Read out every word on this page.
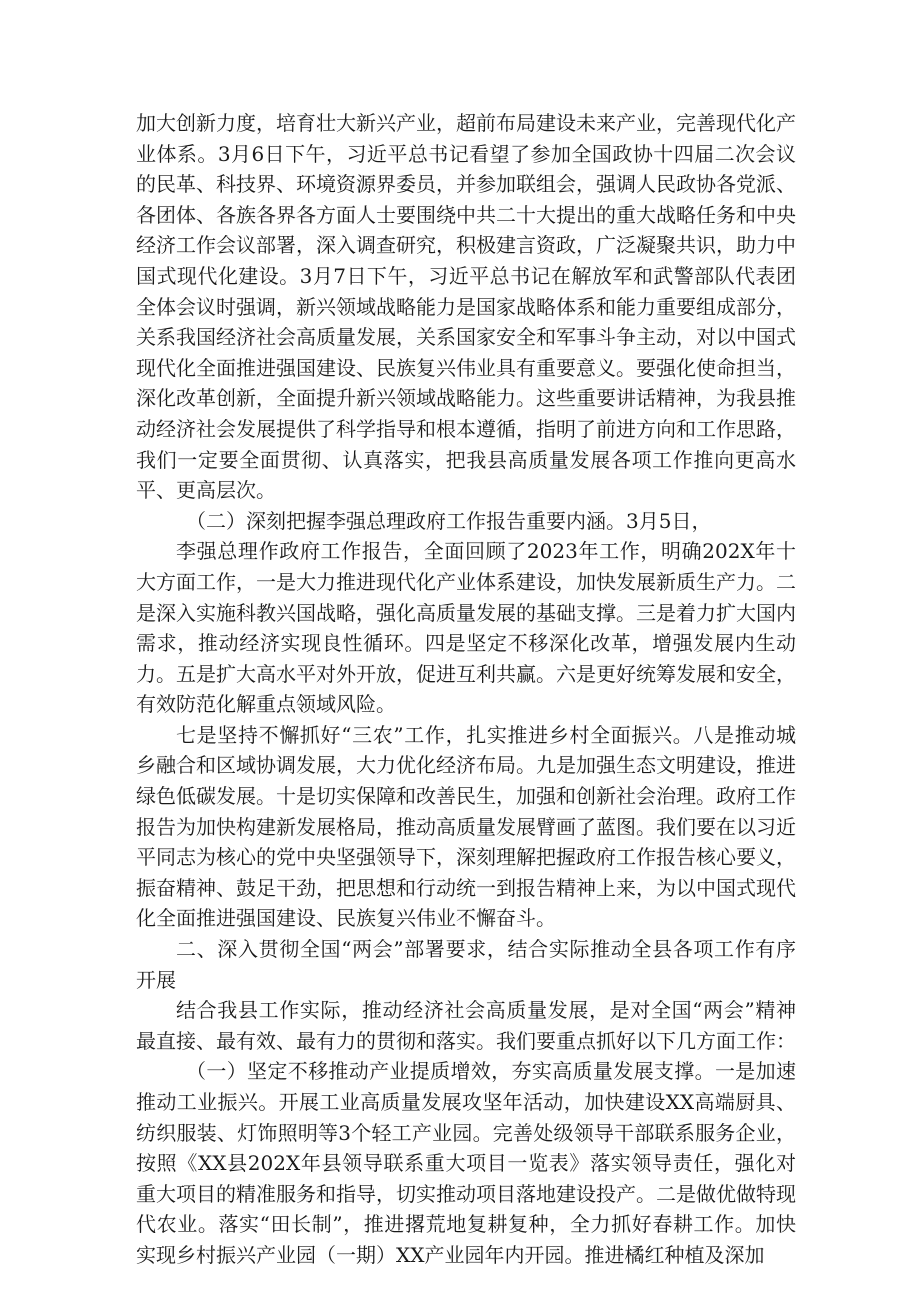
加大创新力度，培育壮大新兴产业，超前布局建设未来产业，完善现代化产业体系。3月6日下午，习近平总书记看望了参加全国政协十四届二次会议的民革、科技界、环境资源界委员，并参加联组会，强调人民政协各党派、各团体、各族各界各方面人士要围绕中共二十大提出的重大战略任务和中央经济工作会议部署，深入调查研究，积极建言资政，广泛凝聚共识，助力中国式现代化建设。3月7日下午，习近平总书记在解放军和武警部队代表团全体会议时强调，新兴领域战略能力是国家战略体系和能力重要组成部分，关系我国经济社会高质量发展，关系国家安全和军事斗争主动，对以中国式现代化全面推进强国建设、民族复兴伟业具有重要意义。要强化使命担当，深化改革创新，全面提升新兴领域战略能力。这些重要讲话精神，为我县推动经济社会发展提供了科学指导和根本遵循，指明了前进方向和工作思路，我们一定要全面贯彻、认真落实，把我县高质量发展各项工作推向更高水平、更高层次。

（二）深刻把握李强总理政府工作报告重要内涵。3月5日，

李强总理作政府工作报告，全面回顾了2023年工作，明确202X年十大方面工作，一是大力推进现代化产业体系建设，加快发展新质生产力。二是深入实施科教兴国战略，强化高质量发展的基础支撑。三是着力扩大国内需求，推动经济实现良性循环。四是坚定不移深化改革，增强发展内生动力。五是扩大高水平对外开放，促进互利共赢。六是更好统筹发展和安全，有效防范化解重点领域风险。

七是坚持不懈抓好“三农”工作，扎实推进乡村全面振兴。八是推动城乡融合和区域协调发展，大力优化经济布局。九是加强生态文明建设，推进绿色低碳发展。十是切实保障和改善民生，加强和创新社会治理。政府工作报告为加快构建新发展格局，推动高质量发展臂画了蓝图。我们要在以习近平同志为核心的党中央坚强领导下，深刻理解把握政府工作报告核心要义，振奋精神、鼓足干劲，把思想和行动统一到报告精神上来，为以中国式现代化全面推进强国建设、民族复兴伟业不懈奋斗。

二、深入贯彻全国“两会”部署要求，结合实际推动全县各项工作有序开展

结合我县工作实际，推动经济社会高质量发展，是对全国“两会”精神最直接、最有效、最有力的贯彻和落实。我们要重点抓好以下几方面工作：

（一）坚定不移推动产业提质增效，夯实高质量发展支撑。一是加速推动工业振兴。开展工业高质量发展攻坚年活动，加快建设XX高端厨具、纺织服装、灯饰照明等3个轻工产业园。完善处级领导干部联系服务企业，按照《XX县202X年县领导联系重大项目一览表》落实领导责任，强化对重大项目的精准服务和指导，切实推动项目落地建设投产。二是做优做特现代农业。落实“田长制”，推进撂荒地复耕复种，全力抓好春耕工作。加快实现乡村振兴产业园（一期）XX产业园年内开园。推进橘红种植及深加
